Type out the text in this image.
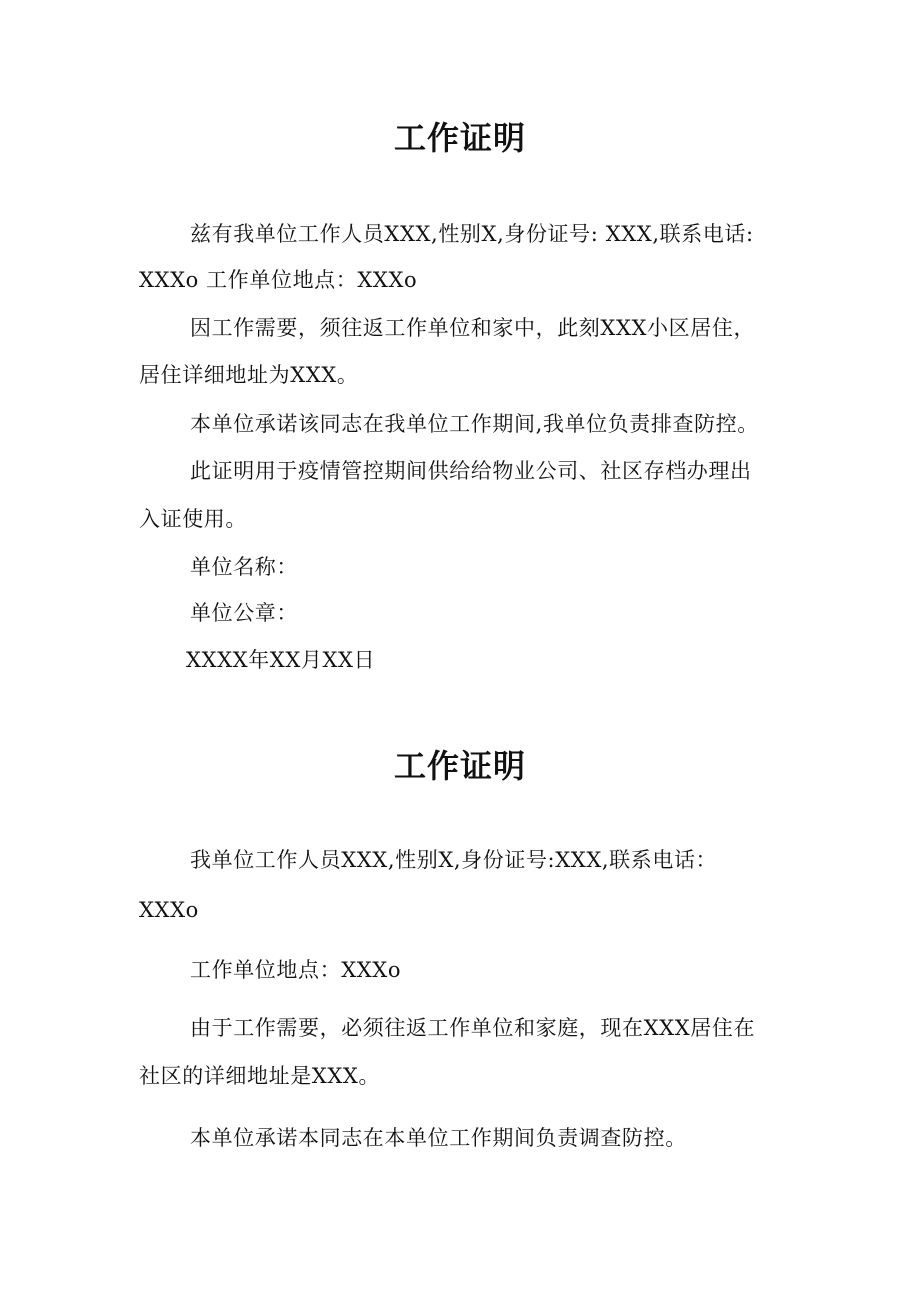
工作证明
兹有我单位工作人员XXX,性别X,身份证号: XXX,联系电话:
XXXo 工作单位地点：XXXo
因工作需要，须往返工作单位和家中，此刻XXX小区居住，
居住详细地址为XXX。
本单位承诺该同志在我单位工作期间,我单位负责排查防控。
此证明用于疫情管控期间供给给物业公司、社区存档办理出
入证使用。
单位名称：
单位公章：
XXXX年XX月XX日
工作证明
我单位工作人员XXX,性别X,身份证号:XXX,联系电话：
XXXo
工作单位地点：XXXo
由于工作需要，必须往返工作单位和家庭，现在XXX居住在
社区的详细地址是XXX。
本单位承诺本同志在本单位工作期间负责调查防控。
